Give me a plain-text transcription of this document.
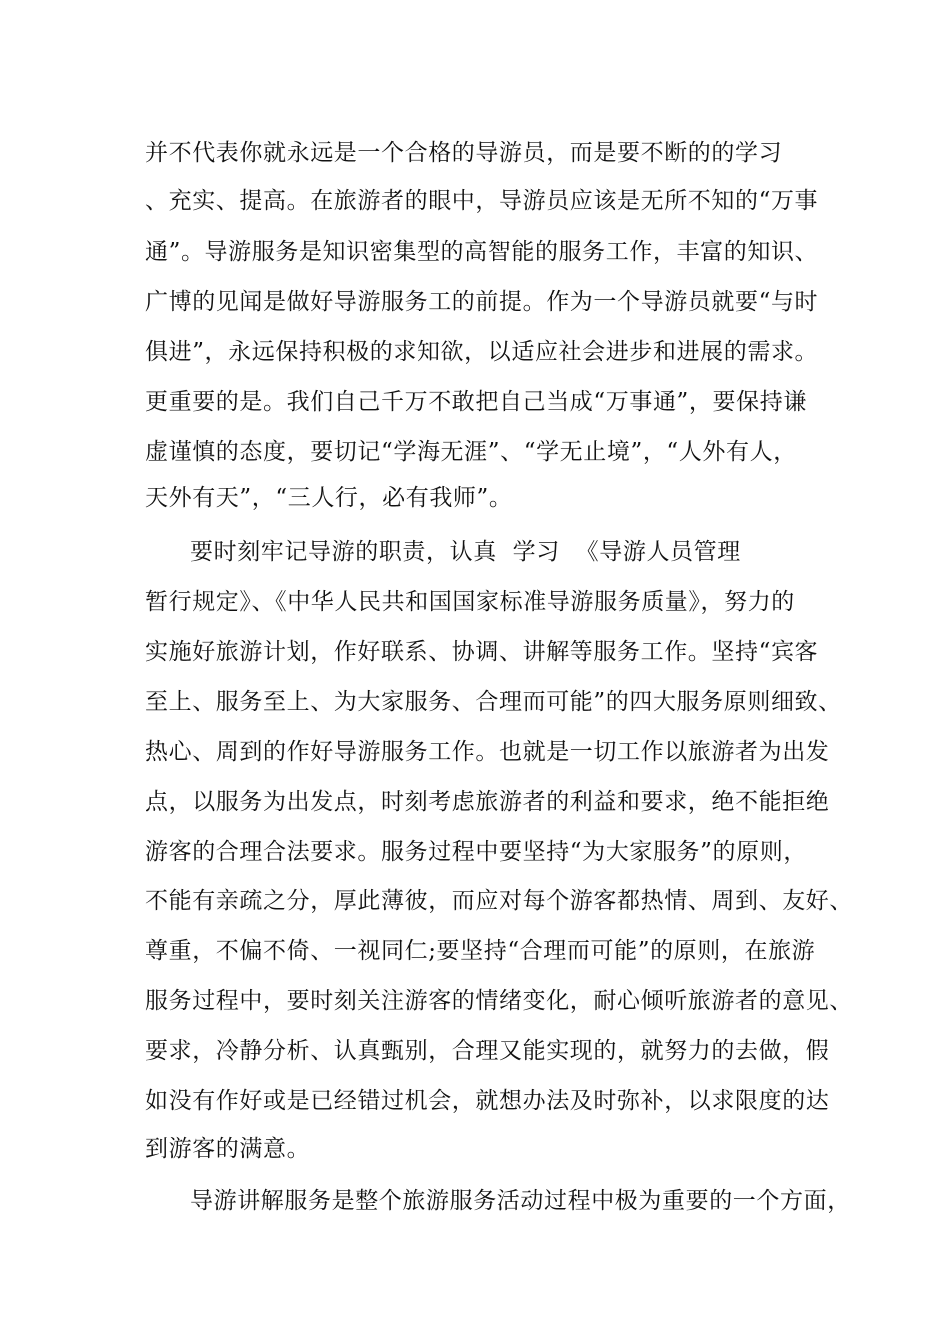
并不代表你就永远是一个合格的导游员，而是要不断的的学习
、充实、提高。在旅游者的眼中，导游员应该是无所不知的“万事
通”。导游服务是知识密集型的高智能的服务工作，丰富的知识、
广博的见闻是做好导游服务工的前提。作为一个导游员就要“与时
俱进”，永远保持积极的求知欲，以适应社会进步和进展的需求。
更重要的是。我们自己千万不敢把自己当成“万事通”，要保持谦
虚谨慎的态度，要切记“学海无涯”、“学无止境”，“人外有人，
天外有天”，“三人行，必有我师”。
要时刻牢记导游的职责，认真  学习  《导游人员管理
暂行规定》、《中华人民共和国国家标准导游服务质量》，努力的
实施好旅游计划，作好联系、协调、讲解等服务工作。坚持“宾客
至上、服务至上、为大家服务、合理而可能”的四大服务原则细致、
热心、周到的作好导游服务工作。也就是一切工作以旅游者为出发
点，以服务为出发点，时刻考虑旅游者的利益和要求，绝不能拒绝
游客的合理合法要求。服务过程中要坚持“为大家服务”的原则，
不能有亲疏之分，厚此薄彼，而应对每个游客都热情、周到、友好、
尊重，不偏不倚、一视同仁;要坚持“合理而可能”的原则，在旅游
服务过程中，要时刻关注游客的情绪变化，耐心倾听旅游者的意见、
要求，冷静分析、认真甄别，合理又能实现的，就努力的去做，假
如没有作好或是已经错过机会，就想办法及时弥补，以求限度的达
到游客的满意。
导游讲解服务是整个旅游服务活动过程中极为重要的一个方面，
